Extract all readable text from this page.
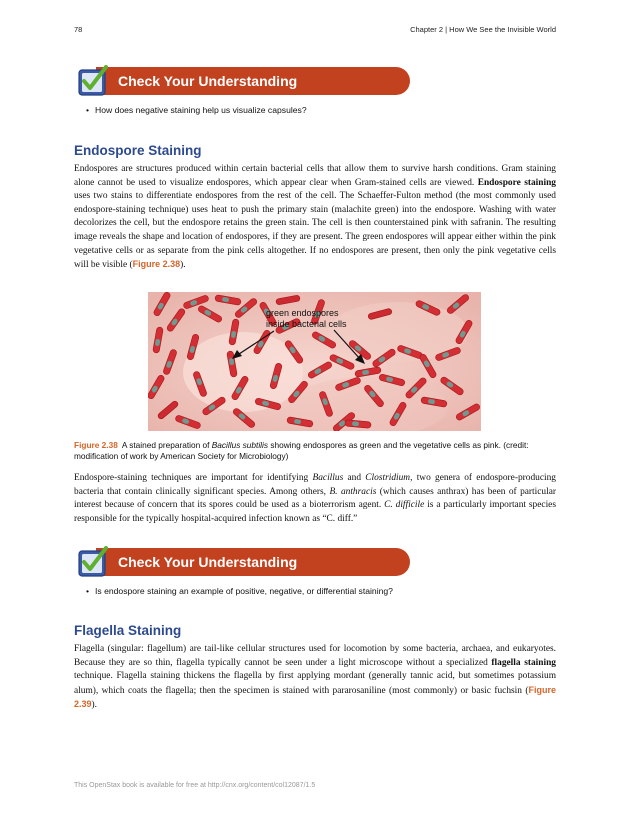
78	Chapter 2 | How We See the Invisible World
Check Your Understanding
• How does negative staining help us visualize capsules?
Endospore Staining

Endospores are structures produced within certain bacterial cells that allow them to survive harsh conditions. Gram staining alone cannot be used to visualize endospores, which appear clear when Gram-stained cells are viewed. Endospore staining uses two stains to differentiate endospores from the rest of the cell. The Schaeffer-Fulton method (the most commonly used endospore-staining technique) uses heat to push the primary stain (malachite green) into the endospore. Washing with water decolorizes the cell, but the endospore retains the green stain. The cell is then counterstained pink with safranin. The resulting image reveals the shape and location of endospores, if they are present. The green endospores will appear either within the pink vegetative cells or as separate from the pink cells altogether. If no endospores are present, then only the pink vegetative cells will be visible (Figure 2.38).

green endospores
inside bacterial cells

Figure 2.38 A stained preparation of Bacillus subtilis showing endospores as green and the vegetative cells as pink. (credit: modification of work by American Society for Microbiology)

Endospore-staining techniques are important for identifying Bacillus and Clostridium, two genera of endospore-producing bacteria that contain clinically significant species. Among others, B. anthracis (which causes anthrax) has been of particular interest because of concern that its spores could be used as a bioterrorism agent. C. difficile is a particularly important species responsible for the typically hospital-acquired infection known as “C. diff.”

Check Your Understanding
• Is endospore staining an example of positive, negative, or differential staining?
Flagella Staining

Flagella (singular: flagellum) are tail-like cellular structures used for locomotion by some bacteria, archaea, and eukaryotes. Because they are so thin, flagella typically cannot be seen under a light microscope without a specialized flagella staining technique. Flagella staining thickens the flagella by first applying mordant (generally tannic acid, but sometimes potassium alum), which coats the flagella; then the specimen is stained with pararosaniline (most commonly) or basic fuchsin (Figure 2.39).

This OpenStax book is available for free at http://cnx.org/content/col12087/1.5
